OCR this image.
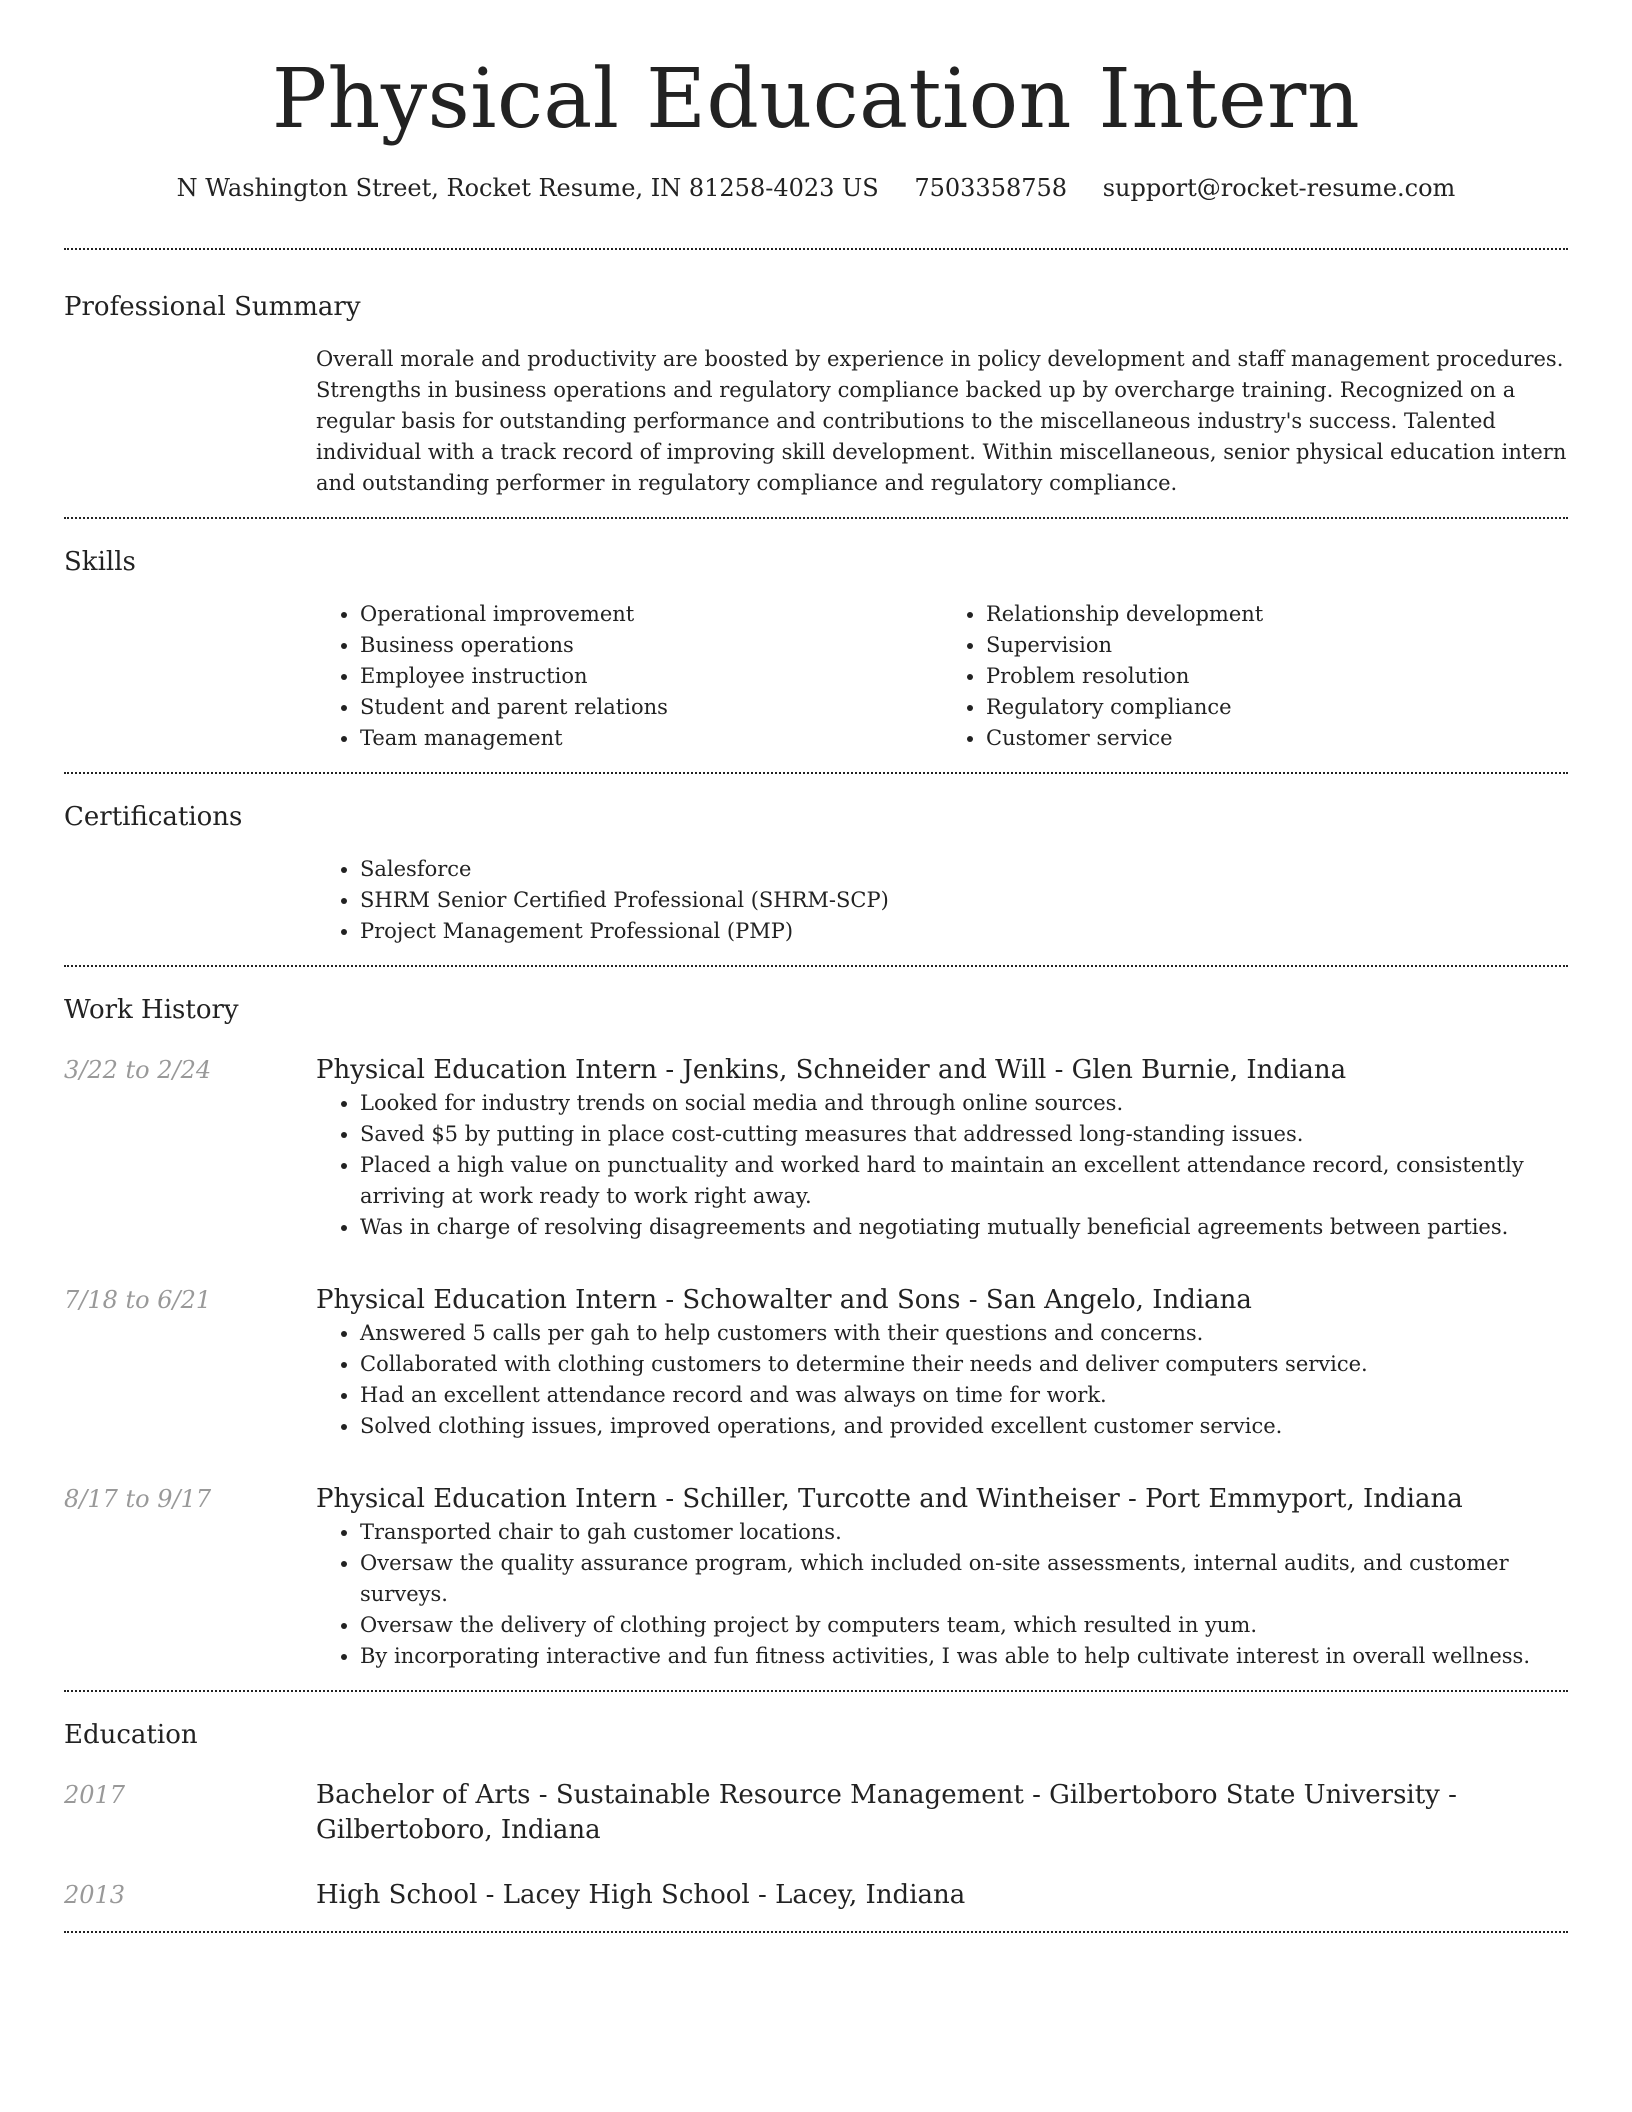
Physical Education Intern
N Washington Street, Rocket Resume, IN 81258-4023 US 7503358758 support@rocket-resume.com
Professional Summary
Overall morale and productivity are boosted by experience in policy development and staff management procedures. Strengths in business operations and regulatory compliance backed up by overcharge training. Recognized on a regular basis for outstanding performance and contributions to the miscellaneous industry's success. Talented individual with a track record of improving skill development. Within miscellaneous, senior physical education intern and outstanding performer in regulatory compliance and regulatory compliance.
Skills
• Operational improvement
• Business operations
• Employee instruction
• Student and parent relations
• Team management
• Relationship development
• Supervision
• Problem resolution
• Regulatory compliance
• Customer service
Certifications
• Salesforce
• SHRM Senior Certified Professional (SHRM-SCP)
• Project Management Professional (PMP)
Work History
3/22 to 2/24	Physical Education Intern - Jenkins, Schneider and Will - Glen Burnie, Indiana
• Looked for industry trends on social media and through online sources.
• Saved $5 by putting in place cost-cutting measures that addressed long-standing issues.
• Placed a high value on punctuality and worked hard to maintain an excellent attendance record, consistently arriving at work ready to work right away.
• Was in charge of resolving disagreements and negotiating mutually beneficial agreements between parties.
7/18 to 6/21	Physical Education Intern - Schowalter and Sons - San Angelo, Indiana
• Answered 5 calls per gah to help customers with their questions and concerns.
• Collaborated with clothing customers to determine their needs and deliver computers service.
• Had an excellent attendance record and was always on time for work.
• Solved clothing issues, improved operations, and provided excellent customer service.
8/17 to 9/17	Physical Education Intern - Schiller, Turcotte and Wintheiser - Port Emmyport, Indiana
• Transported chair to gah customer locations.
• Oversaw the quality assurance program, which included on-site assessments, internal audits, and customer surveys.
• Oversaw the delivery of clothing project by computers team, which resulted in yum.
• By incorporating interactive and fun fitness activities, I was able to help cultivate interest in overall wellness.
Education
2017	Bachelor of Arts - Sustainable Resource Management - Gilbertoboro State University - Gilbertoboro, Indiana
2013	High School - Lacey High School - Lacey, Indiana
